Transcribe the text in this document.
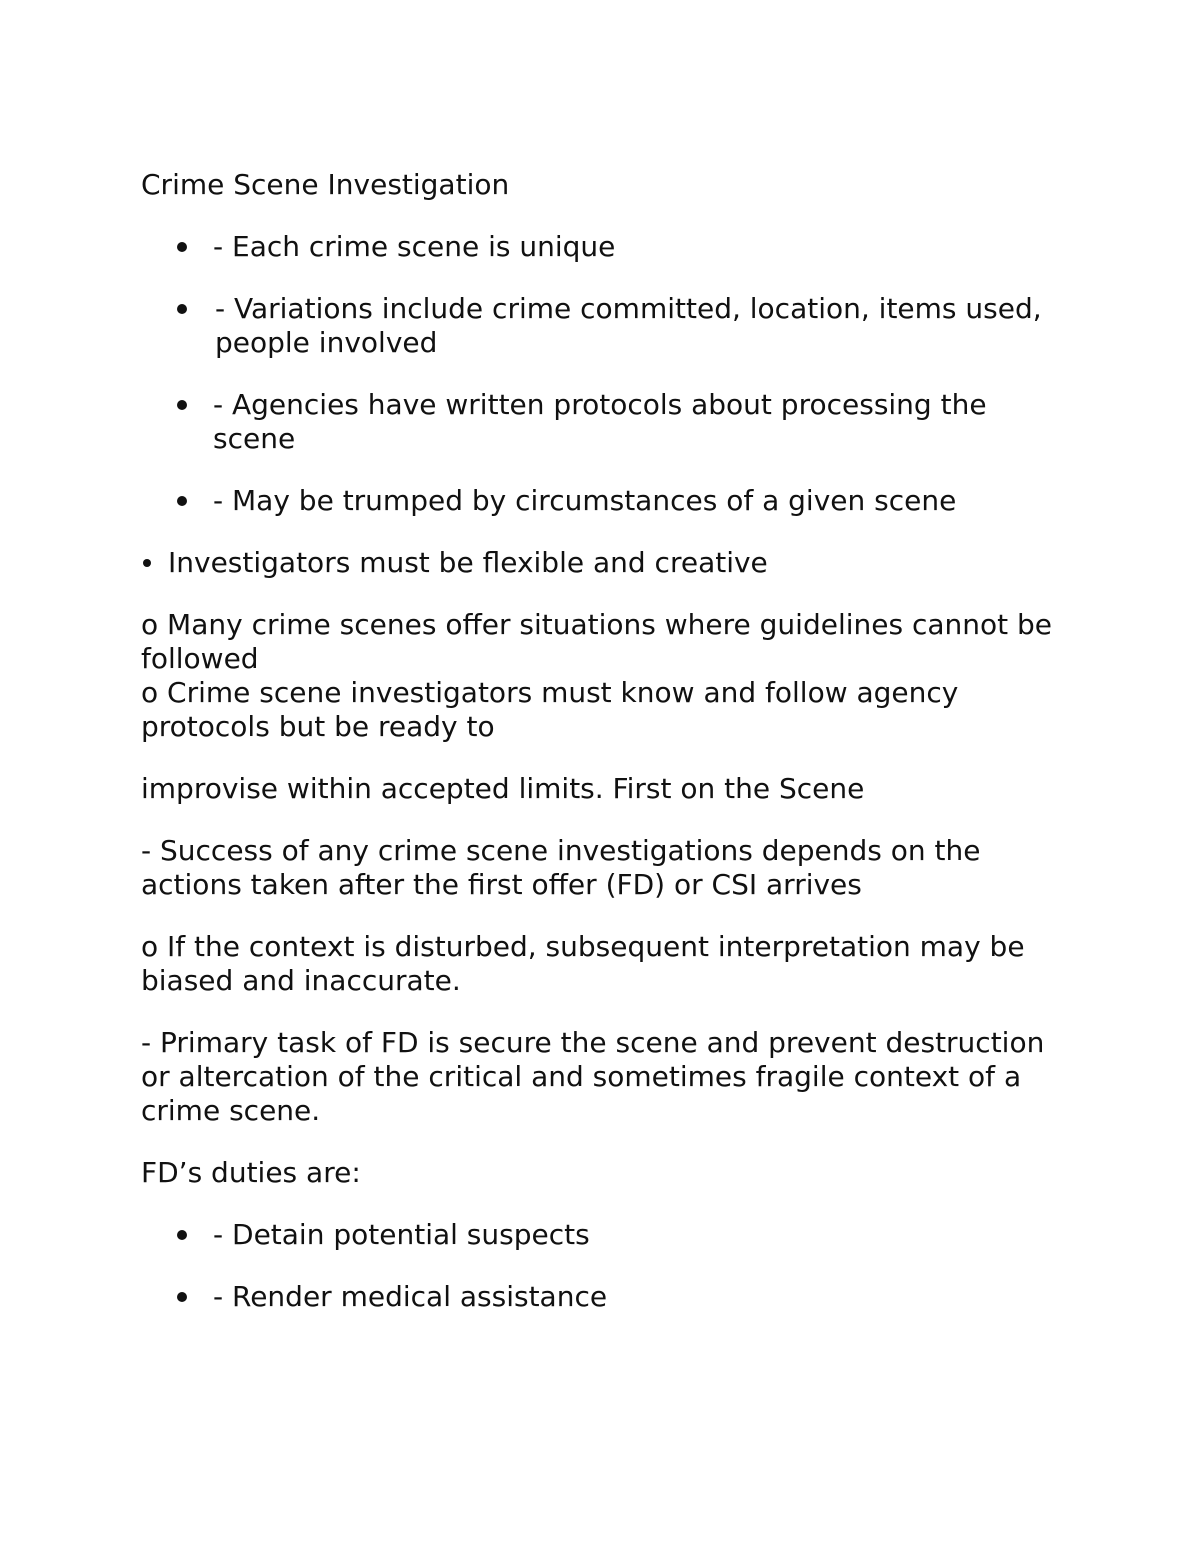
Crime Scene Investigation

- Each crime scene is unique
- Variations include crime committed, location, items used, people involved
- Agencies have written protocols about processing the scene
- May be trumped by circumstances of a given scene
Investigators must be flexible and creative

o Many crime scenes offer situations where guidelines cannot be followed

o Crime scene investigators must know and follow agency protocols but be ready to

improvise within accepted limits. First on the Scene

- Success of any crime scene investigations depends on the actions taken after the first offer (FD) or CSI arrives

o If the context is disturbed, subsequent interpretation may be biased and inaccurate.

- Primary task of FD is secure the scene and prevent destruction or altercation of the critical and sometimes fragile context of a crime scene.

FD’s duties are:

- Detain potential suspects
- Render medical assistance
